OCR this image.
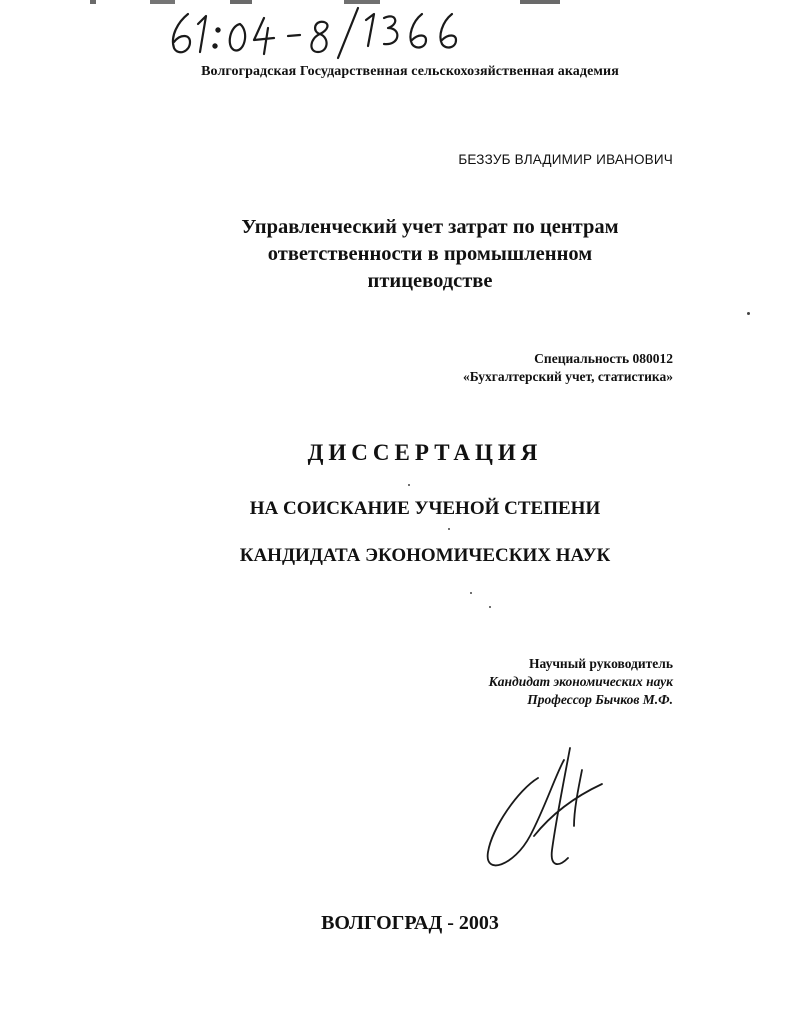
Волгоградская Государственная сельскохозяйственная академия
БЕЗЗУБ ВЛАДИМИР ИВАНОВИЧ
Управленческий учет затрат по центрам
ответственности в промышленном
птицеводстве
Специальность 080012
«Бухгалтерский учет, статистика»
ДИССЕРТАЦИЯ
НА СОИСКАНИЕ УЧЕНОЙ СТЕПЕНИ
КАНДИДАТА ЭКОНОМИЧЕСКИХ НАУК
Научный руководитель
Кандидат экономических наук
Профессор Бычков М.Ф.
ВОЛГОГРАД - 2003
